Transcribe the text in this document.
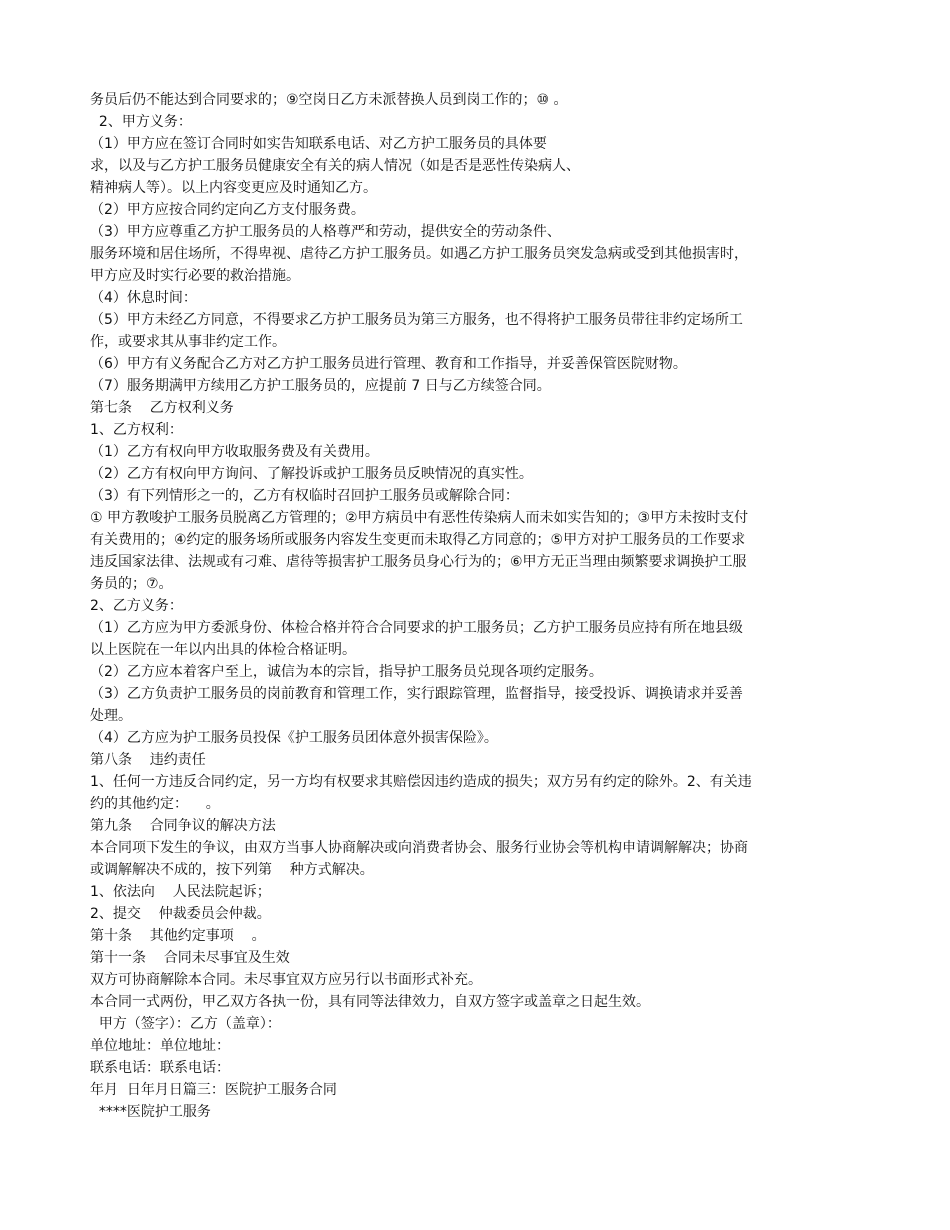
务员后仍不能达到合同要求的；⑨空岗日乙方未派替换人员到岗工作的；⑩ 。

2、甲方义务：

（1）甲方应在签订合同时如实告知联系电话、对乙方护工服务员的具体要

求，以及与乙方护工服务员健康安全有关的病人情况（如是否是恶性传染病人、

精神病人等）。以上内容变更应及时通知乙方。

（2）甲方应按合同约定向乙方支付服务费。

（3）甲方应尊重乙方护工服务员的人格尊严和劳动，提供安全的劳动条件、

服务环境和居住场所，不得卑视、虐待乙方护工服务员。如遇乙方护工服务员突发急病或受到其他损害时，

甲方应及时实行必要的救治措施。

（4）休息时间：

（5）甲方未经乙方同意，不得要求乙方护工服务员为第三方服务，也不得将护工服务员带往非约定场所工

作，或要求其从事非约定工作。

（6）甲方有义务配合乙方对乙方护工服务员进行管理、教育和工作指导，并妥善保管医院财物。

（7）服务期满甲方续用乙方护工服务员的，应提前 7 日与乙方续签合同。

第七条    乙方权利义务

1、乙方权利：

（1）乙方有权向甲方收取服务费及有关费用。

（2）乙方有权向甲方询问、了解投诉或护工服务员反映情况的真实性。

（3）有下列情形之一的，乙方有权临时召回护工服务员或解除合同：

① 甲方教唆护工服务员脱离乙方管理的；②甲方病员中有恶性传染病人而未如实告知的；③甲方未按时支付

有关费用的；④约定的服务场所或服务内容发生变更而未取得乙方同意的；⑤甲方对护工服务员的工作要求

违反国家法律、法规或有刁难、虐待等损害护工服务员身心行为的；⑥甲方无正当理由频繁要求调换护工服

务员的；⑦。

2、乙方义务：

（1）乙方应为甲方委派身份、体检合格并符合合同要求的护工服务员；乙方护工服务员应持有所在地县级

以上医院在一年以内出具的体检合格证明。

（2）乙方应本着客户至上，诚信为本的宗旨，指导护工服务员兑现各项约定服务。

（3）乙方负责护工服务员的岗前教育和管理工作，实行跟踪管理，监督指导，接受投诉、调换请求并妥善

处理。

（4）乙方应为护工服务员投保《护工服务员团体意外损害保险》。

第八条    违约责任

1、任何一方违反合同约定，另一方均有权要求其赔偿因违约造成的损失；双方另有约定的除外。2、有关违

约的其他约定：    。

第九条    合同争议的解决方法

本合同项下发生的争议，由双方当事人协商解决或向消费者协会、服务行业协会等机构申请调解解决；协商

或调解解决不成的，按下列第    种方式解决。

1、依法向    人民法院起诉；

2、提交    仲裁委员会仲裁。

第十条    其他约定事项    。

第十一条    合同未尽事宜及生效

双方可协商解除本合同。未尽事宜双方应另行以书面形式补充。

本合同一式两份，甲乙双方各执一份，具有同等法律效力，自双方签字或盖章之日起生效。

甲方（签字）：乙方（盖章）：

单位地址：单位地址：

联系电话：联系电话：

年月  日年月日篇三：医院护工服务合同

****医院护工服务
